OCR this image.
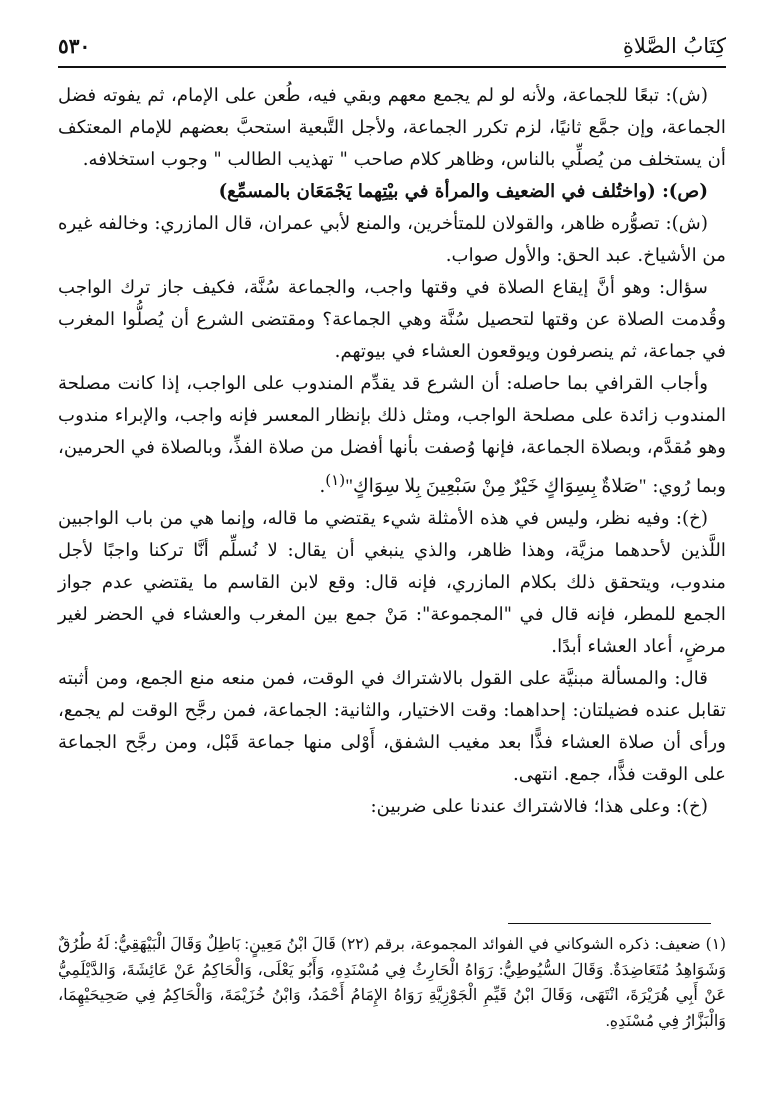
٥٣٠	كِتَابُ الصَّلاةِ

(ش): تبعًا للجماعة، ولأنه لو لم يجمع معهم وبقي فيه، طُعن على الإمام، ثم يفوته فضل الجماعة، وإن جمَّع ثانيًا، لزم تكرر الجماعة، ولأجل التَّبعية استحبَّ بعضهم للإمام المعتكف أن يستخلف من يُصلِّي بالناس، وظاهر كلام صاحب " تهذيب الطالب " وجوب استخلافه.

(ص): (واختُلف في الضعيف والمرأة في بيْتِهما يَجْمَعَان بالمسمِّع)

(ش): تصوُّره ظاهر، والقولان للمتأخرين، والمنع لأبي عمران، قال المازري: وخالفه غيره من الأشياخ. عبد الحق: والأول صواب.

سؤال: وهو أنَّ إيقاع الصلاة في وقتها واجب، والجماعة سُنَّة، فكيف جاز ترك الواجب وقُدمت الصلاة عن وقتها لتحصيل سُنَّة وهي الجماعة؟ ومقتضى الشرع أن يُصلُّوا المغرب في جماعة، ثم ينصرفون ويوقعون العشاء في بيوتهم.

وأجاب القرافي بما حاصله: أن الشرع قد يقدِّم المندوب على الواجب، إذا كانت مصلحة المندوب زائدة على مصلحة الواجب، ومثل ذلك بإنظار المعسر فإنه واجب، والإبراء مندوب وهو مُقدَّم، وبصلاة الجماعة، فإنها وُصفت بأنها أفضل من صلاة الفذِّ، وبالصلاة في الحرمين، وبما رُوي: "صَلاةٌ بِسِوَاكٍ خَيْرٌ مِنْ سَبْعِينَ بِلا سِوَاكٍ"$^{(١)}$.

(خ): وفيه نظر، وليس في هذه الأمثلة شيء يقتضي ما قاله، وإنما هي من باب الواجبين اللَّذين لأحدهما مزيَّة، وهذا ظاهر، والذي ينبغي أن يقال: لا نُسلِّم أنَّا تركنا واجبًا لأجل مندوب، ويتحقق ذلك بكلام المازري، فإنه قال: وقع لابن القاسم ما يقتضي عدم جواز الجمع للمطر، فإنه قال في "المجموعة": مَنْ جمع بين المغرب والعشاء في الحضر لغير مرضٍ، أعاد العشاء أبدًا.

قال: والمسألة مبنيَّة على القول بالاشتراك في الوقت، فمن منعه منع الجمع، ومن أثبته تقابل عنده فضيلتان: إحداهما: وقت الاختيار، والثانية: الجماعة، فمن رجَّح الوقت لم يجمع، ورأى أن صلاة العشاء فذًّا بعد مغيب الشفق، أَوْلى منها جماعة قَبْل، ومن رجَّح الجماعة على الوقت فذًّا، جمع. انتهى.

(خ): وعلى هذا؛ فالاشتراك عندنا على ضربين:

(١) ضعيف: ذكره الشوكاني في الفوائد المجموعة، برقم (٢٢) قَالَ ابْنُ مَعِينٍ: بَاطِلٌ وَقَالَ الْبَيْهَقِيُّ: لَهُ طُرُقٌ وَشَوَاهِدُ مُتَعَاضِدَةٌ. وَقَالَ السُّيُوطِيُّ: رَوَاهُ الْحَارِثُ فِي مُسْنَدِهِ، وَأَبُو يَعْلَى، وَالْحَاكِمُ عَنْ عَائِشَةَ، وَالدَّيْلَمِيُّ عَنْ أَبِي هُرَيْرَةَ، انْتَهَى، وَقَالَ ابْنُ قَيِّمِ الْجَوْزِيَّةِ رَوَاهُ الإِمَامُ أَحْمَدُ، وَابْنُ خُزَيْمَةَ، وَالْحَاكِمُ فِي صَحِيحَيْهِمَا، وَالْبَزَّارُ فِي مُسْنَدِهِ.
